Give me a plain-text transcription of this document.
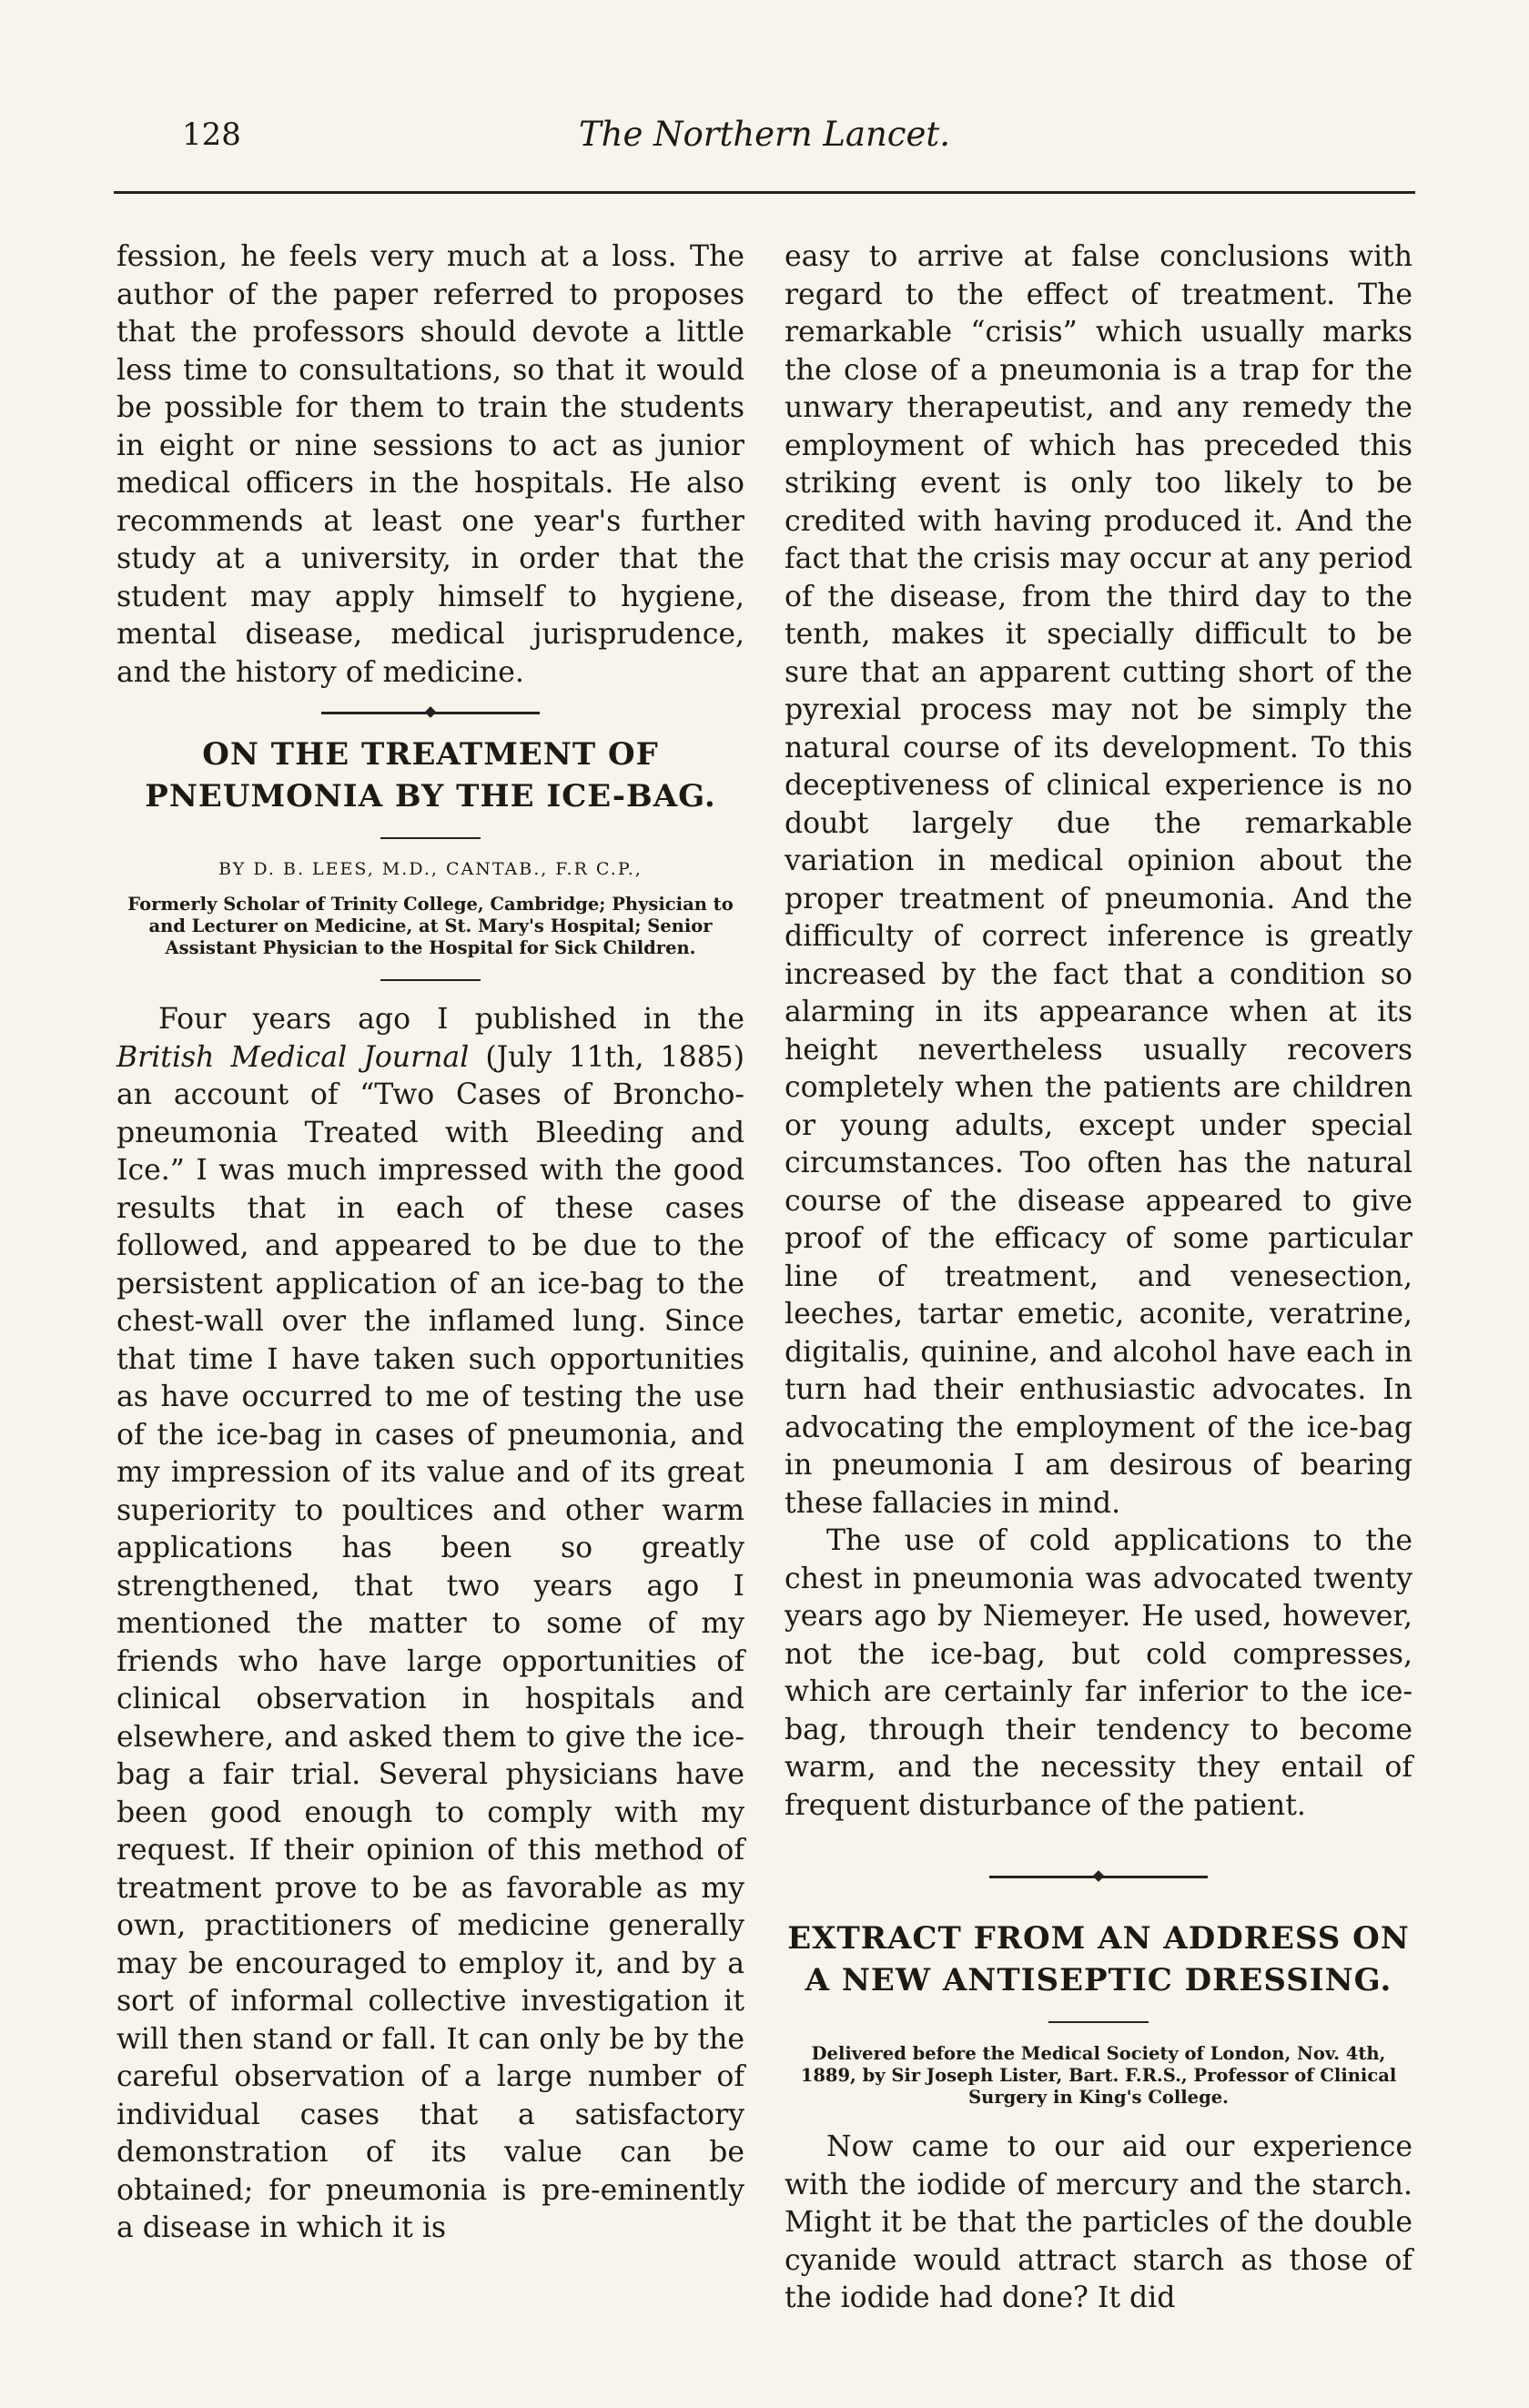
128	The Northern Lancet.

fession, he feels very much at a loss. The author of the paper referred to proposes that the professors should devote a little less time to consultations, so that it would be possible for them to train the students in eight or nine sessions to act as junior medical officers in the hospitals. He also recommends at least one year's further study at a university, in order that the student may apply himself to hygiene, mental disease, medical jurisprudence, and the history of medicine.

ON THE TREATMENT OF PNEUMONIA BY THE ICE-BAG.
BY D. B. LEES, M.D., CANTAB., F.R C.P.,

Formerly Scholar of Trinity College, Cambridge; Physician to and Lecturer on Medicine, at St. Mary's Hospital; Senior Assistant Physician to the Hospital for Sick Children.

Four years ago I published in the British Medical Journal (July 11th, 1885) an account of “Two Cases of Broncho-pneumonia Treated with Bleeding and Ice.” I was much impressed with the good results that in each of these cases followed, and appeared to be due to the persistent application of an ice-bag to the chest-wall over the inflamed lung. Since that time I have taken such opportunities as have occurred to me of testing the use of the ice-bag in cases of pneumonia, and my impression of its value and of its great superiority to poultices and other warm applications has been so greatly strengthened, that two years ago I mentioned the matter to some of my friends who have large opportunities of clinical observation in hospitals and elsewhere, and asked them to give the ice-bag a fair trial. Several physicians have been good enough to comply with my request. If their opinion of this method of treatment prove to be as favorable as my own, practitioners of medicine generally may be encouraged to employ it, and by a sort of informal collective investigation it will then stand or fall. It can only be by the careful observation of a large number of individual cases that a satisfactory demonstration of its value can be obtained; for pneumonia is pre-eminently a disease in which it is

easy to arrive at false conclusions with regard to the effect of treatment. The remarkable “crisis” which usually marks the close of a pneumonia is a trap for the unwary therapeutist, and any remedy the employment of which has preceded this striking event is only too likely to be credited with having produced it. And the fact that the crisis may occur at any period of the disease, from the third day to the tenth, makes it specially difficult to be sure that an apparent cutting short of the pyrexial process may not be simply the natural course of its development. To this deceptiveness of clinical experience is no doubt largely due the remarkable variation in medical opinion about the proper treatment of pneumonia. And the difficulty of correct inference is greatly increased by the fact that a condition so alarming in its appearance when at its height nevertheless usually recovers completely when the patients are children or young adults, except under special circumstances. Too often has the natural course of the disease appeared to give proof of the efficacy of some particular line of treatment, and venesection, leeches, tartar emetic, aconite, veratrine, digitalis, quinine, and alcohol have each in turn had their enthusiastic advocates. In advocating the employment of the ice-bag in pneumonia I am desirous of bearing these fallacies in mind.

The use of cold applications to the chest in pneumonia was advocated twenty years ago by Niemeyer. He used, however, not the ice-bag, but cold compresses, which are certainly far inferior to the ice-bag, through their tendency to become warm, and the necessity they entail of frequent disturbance of the patient.

EXTRACT FROM AN ADDRESS ON A NEW ANTISEPTIC DRESSING.

Delivered before the Medical Society of London, Nov. 4th, 1889, by Sir Joseph Lister, Bart. F.R.S., Professor of Clinical Surgery in King's College.

Now came to our aid our experience with the iodide of mercury and the starch. Might it be that the particles of the double cyanide would attract starch as those of the iodide had done? It did
